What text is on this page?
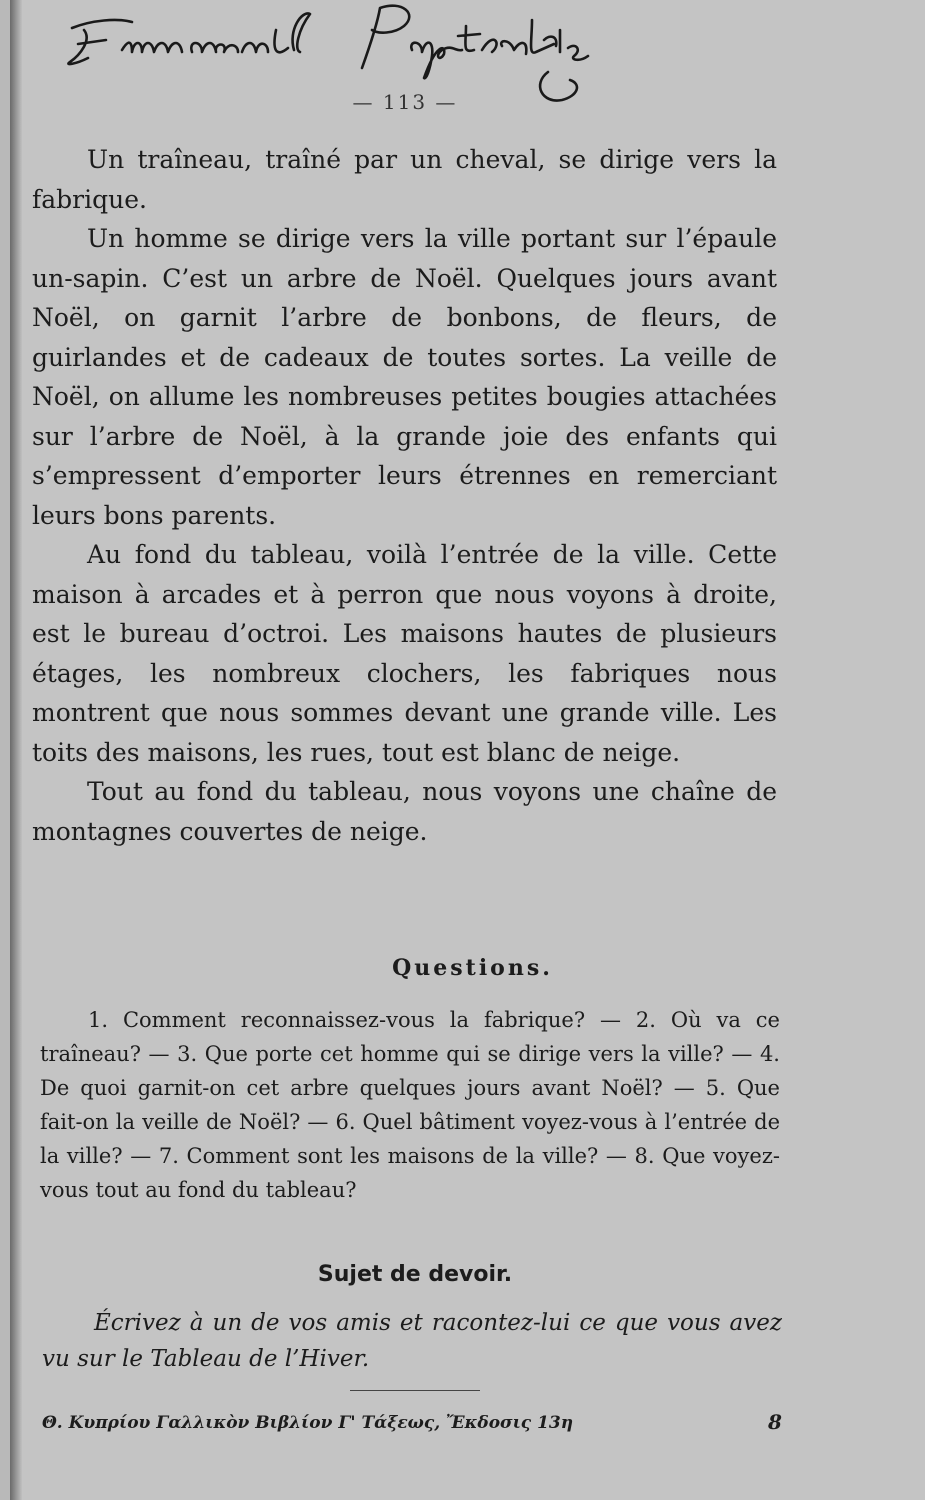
— 113 —

Un traîneau, traîné par un cheval, se dirige vers la fabrique.

Un homme se dirige vers la ville portant sur l’épaule un-sapin. C’est un arbre de Noël. Quelques jours avant Noël, on garnit l’arbre de bonbons, de fleurs, de guirlandes et de cadeaux de toutes sortes. La veille de Noël, on allume les nombreuses petites bougies attachées sur l’arbre de Noël, à la grande joie des enfants qui s’empressent d’emporter leurs étrennes en remerciant leurs bons parents.

Au fond du tableau, voilà l’entrée de la ville. Cette maison à arcades et à perron que nous voyons à droite, est le bureau d’octroi. Les maisons hautes de plusieurs étages, les nombreux clochers, les fabriques nous montrent que nous sommes devant une grande ville. Les toits des maisons, les rues, tout est blanc de neige.

Tout au fond du tableau, nous voyons une chaîne de montagnes couvertes de neige.

Questions.
1. Comment reconnaissez-vous la fabrique? — 2. Où va ce traîneau? — 3. Que porte cet homme qui se dirige vers la ville? — 4. De quoi garnit-on cet arbre quelques jours avant Noël? — 5. Que fait-on la veille de Noël? — 6. Quel bâtiment voyez-vous à l’entrée de la ville? — 7. Comment sont les maisons de la ville? — 8. Que voyez-vous tout au fond du tableau?
Sujet de devoir.
Écrivez à un de vos amis et racontez-lui ce que vous avez vu sur le Tableau de l’Hiver.
Θ. Κυπρίου Γαλλικὸν Βιβλίον Γ' Τάξεως, Ἔκδοσις 13η	8
